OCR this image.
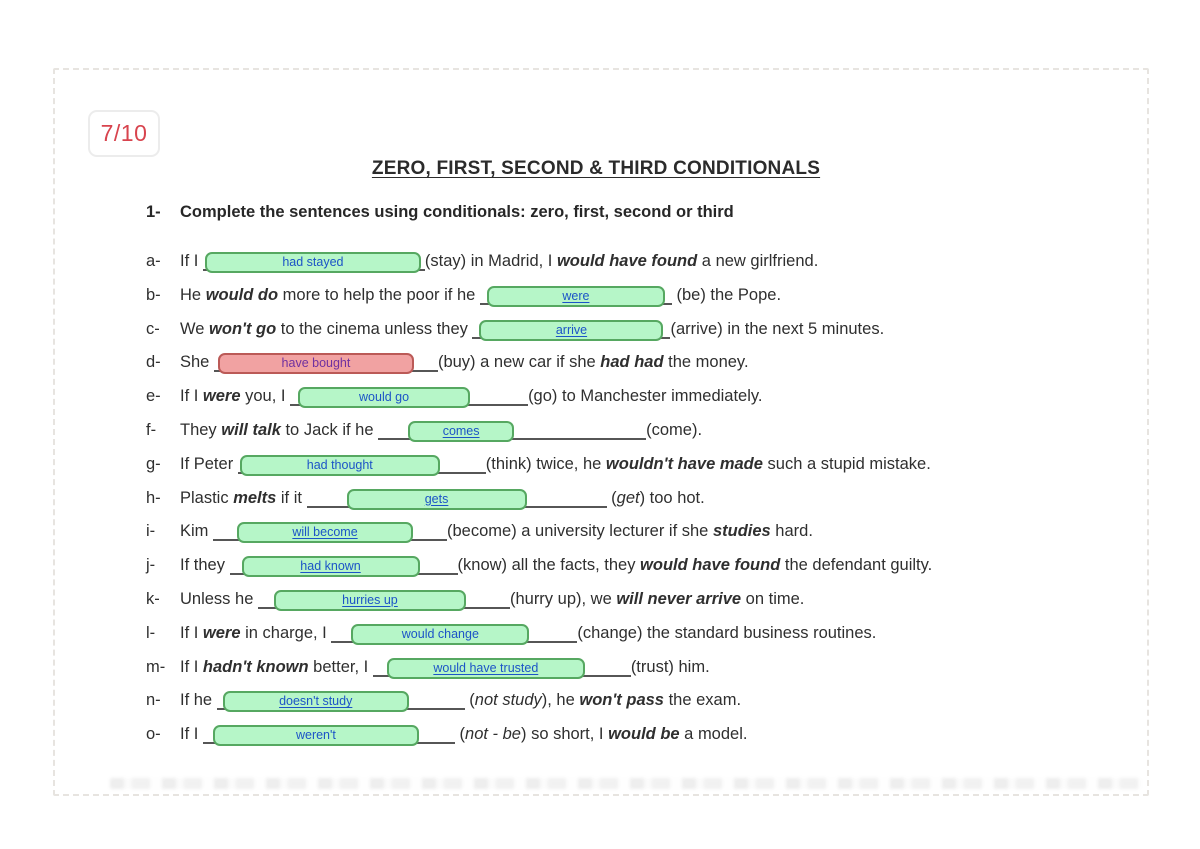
7/10
ZERO, FIRST, SECOND & THIRD CONDITIONALS
1-	Complete the sentences using conditionals: zero, first, second or third
a-	If I	had stayed	(stay) in Madrid, I would have found a new girlfriend.
b-	He would do more to help the poor if he	were	(be) the Pope.
c-	We won't go to the cinema unless they	arrive	(arrive) in the next 5 minutes.
d-	She	have bought	(buy) a new car if she had had the money.
e-	If I were you, I	would go	(go) to Manchester immediately.
f-	They will talk to Jack if he	comes	(come).
g-	If Peter	had thought	(think) twice, he wouldn't have made such a stupid mistake.
h-	Plastic melts if it	gets	(get) too hot.
i-	Kim	will become	(become) a university lecturer if she studies hard.
j-	If they	had known	(know) all the facts, they would have found the defendant guilty.
k-	Unless he	hurries up	(hurry up), we will never arrive on time.
l-	If I were in charge, I	would change	(change) the standard business routines.
m- If I hadn't known better, I	would have trusted	(trust) him.
n-	If he	doesn't study	(not study), he won't pass the exam.
o-	If I	weren't	(not - be) so short, I would be a model.
